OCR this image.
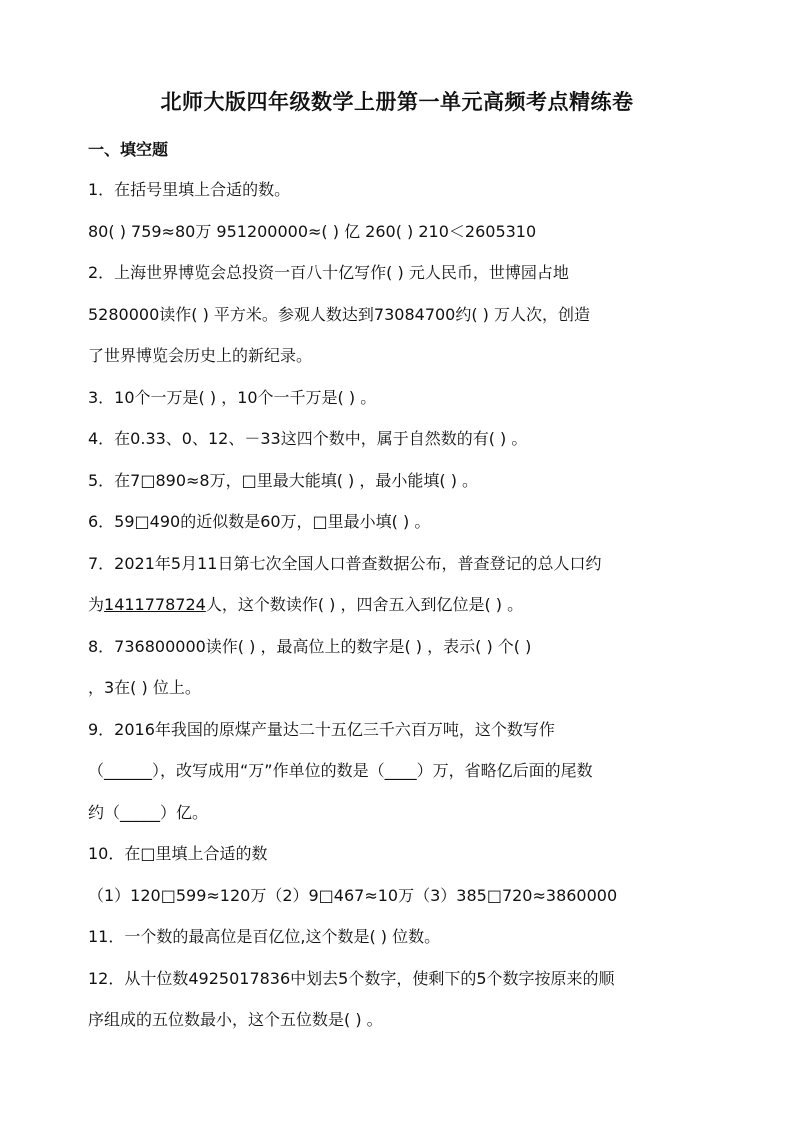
北师大版四年级数学上册第一单元高频考点精练卷
一、填空题
1．在括号里填上合适的数。
80( ) 759≈80万 951200000≈( ) 亿 260( ) 210＜2605310
2．上海世界博览会总投资一百八十亿写作( ) 元人民币，世博园占地
5280000读作( ) 平方米。参观人数达到73084700约( ) 万人次，创造
了世界博览会历史上的新纪录。
3．10个一万是( ) ，10个一千万是( ) 。
4．在0.33、0、12、－33这四个数中，属于自然数的有( ) 。
5．在7□890≈8万，□里最大能填( ) ，最小能填( ) 。
6．59□490的近似数是60万，□里最小填( ) 。
7．2021年5月11日第七次全国人口普查数据公布，普查登记的总人口约
为1411778724人，这个数读作( ) ，四舍五入到亿位是( ) 。
8．736800000读作( ) ，最高位上的数字是( ) ，表示( ) 个( )
，3在( ) 位上。
9．2016年我国的原煤产量达二十五亿三千六百万吨，这个数写作
（______），改写成用“万”作单位的数是（____）万，省略亿后面的尾数
约（_____）亿。
10．在□里填上合适的数
（1）120□599≈120万（2）9□467≈10万（3）385□720≈3860000
11．一个数的最高位是百亿位,这个数是( ) 位数。
12．从十位数4925017836中划去5个数字，使剩下的5个数字按原来的顺
序组成的五位数最小，这个五位数是( ) 。
